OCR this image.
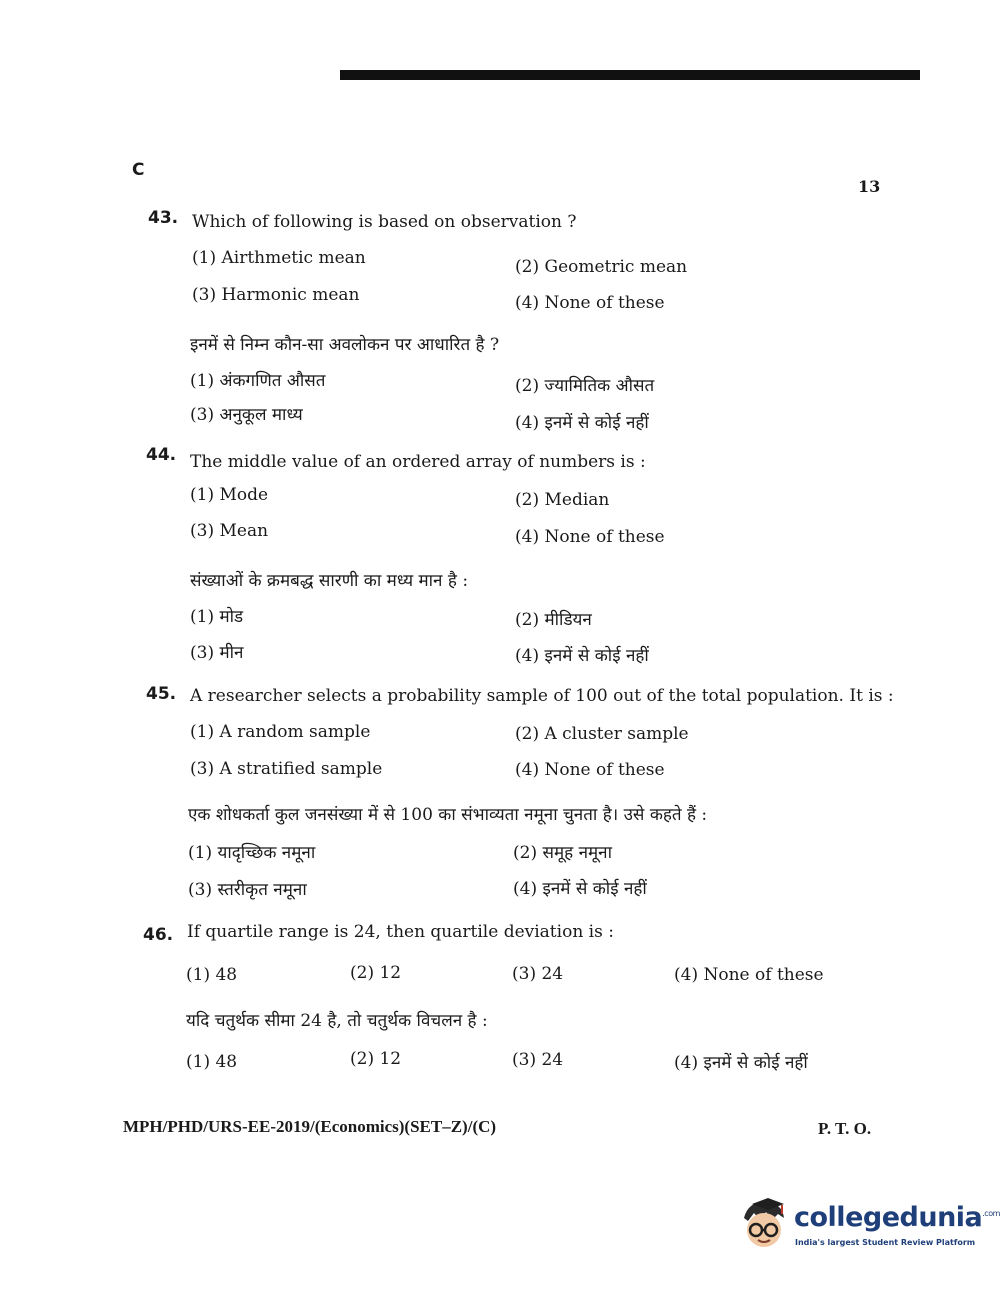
C
13
43. Which of following is based on observation ?
(1) Airthmetic mean	(2) Geometric mean
(3) Harmonic mean	(4) None of these
इनमें से निम्न कौन-सा अवलोकन पर आधारित है ?
(1) अंकगणित औसत	(2) ज्यामितिक औसत
(3) अनुकूल माध्य	(4) इनमें से कोई नहीं
44. The middle value of an ordered array of numbers is :
(1) Mode	(2) Median
(3) Mean	(4) None of these
संख्याओं के क्रमबद्ध सारणी का मध्य मान है :
(1) मोड	(2) मीडियन
(3) मीन	(4) इनमें से कोई नहीं
45. A researcher selects a probability sample of 100 out of the total population. It is :
(1) A random sample	(2) A cluster sample
(3) A stratified sample	(4) None of these
एक शोधकर्ता कुल जनसंख्या में से 100 का संभाव्यता नमूना चुनता है। उसे कहते हैं :
(1) यादृच्छिक नमूना	(2) समूह नमूना
(3) स्तरीकृत नमूना	(4) इनमें से कोई नहीं
46. If quartile range is 24, then quartile deviation is :
(1) 48	(2) 12	(3) 24	(4) None of these
यदि चतुर्थक सीमा 24 है, तो चतुर्थक विचलन है :
(1) 48	(2) 12	(3) 24	(4) इनमें से कोई नहीं
MPH/PHD/URS-EE-2019/(Economics)(SET–Z)/(C)	P. T. O.
collegedunia$^{.com}$
India's largest Student Review Platform
